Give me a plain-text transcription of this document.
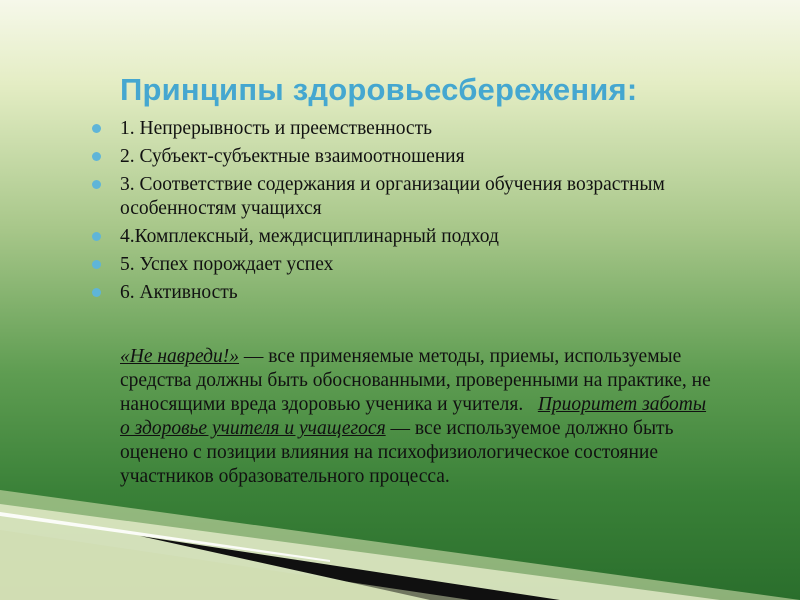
Принципы здоровьесбережения:
1. Непрерывность и преемственность
2. Субъект-субъектные взаимоотношения
3. Соответствие содержания и организации обучения возрастным особенностям учащихся
4.Комплексный, междисциплинарный подход
5. Успех порождает успех
6. Активность

«Не навреди!» — все применяемые методы, приемы, используемые средства должны быть обоснованными, проверенными на практике, не наносящими вреда здоровью ученика и учителя. Приоритет заботы о здоровье учителя и учащегося — все используемое должно быть оценено с позиции влияния на психофизиологическое состояние участников образовательного процесса.
